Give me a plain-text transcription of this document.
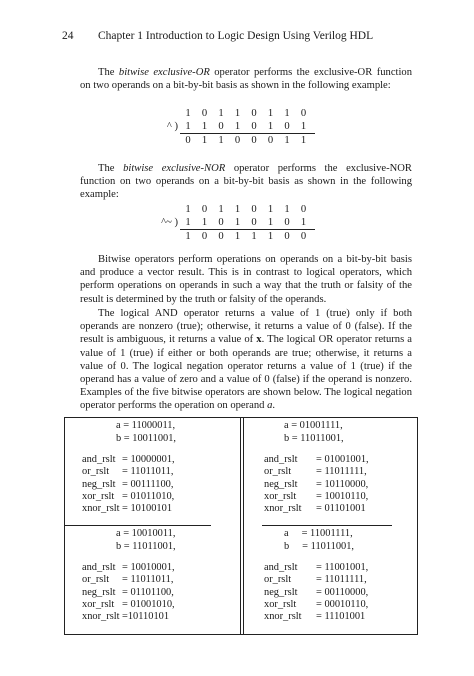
24 Chapter 1 Introduction to Logic Design Using Verilog HDL
The bitwise exclusive-OR operator performs the exclusive-OR function on two operands on a bit-by-bit basis as shown in the following example:
1	0	1	1	0	1	1	0
^ ) 1	1	0	1	0	1	0	1
0	1	1	0	0	0	1	1
The bitwise exclusive-NOR operator performs the exclusive-NOR function on two operands on a bit-by-bit basis as shown in the following example:
1	0	1	1	0	1	1	0
^~ ) 1	1	0	1	0	1	0	1
1	0	0	1	1	1	0	0
Bitwise operators perform operations on operands on a bit-by-bit basis and produce a vector result. This is in contrast to logical operators, which perform operations on operands in such a way that the truth or falsity of the result is determined by the truth or falsity of the operands.
The logical AND operator returns a value of 1 (true) only if both operands are nonzero (true); otherwise, it returns a value of 0 (false). If the result is ambiguous, it returns a value of x. The logical OR operator returns a value of 1 (true) if either or both operands are true; otherwise, it returns a value of 0. The logical negation operator returns a value of 1 (true) if the operand has a value of zero and a value of 0 (false) if the operand is nonzero. Examples of the five bitwise operators are shown below. The logical negation operator performs the operation on operand a.
a = 11000011,
b = 10011001,
and_rslt = 10000001,
or_rslt = 11011011,
neg_rslt = 00111100,
xor_rslt = 01011010,
xnor_rslt = 10100101
a = 01001111,
b = 11011001,
and_rslt = 01001001,
or_rslt = 11011111,
neg_rslt = 10110000,
xor_rslt = 10010110,
xnor_rslt = 01101001
a = 10010011,
b = 11011001,
and_rslt = 10010001,
or_rslt = 11011011,
neg_rslt = 01101100,
xor_rslt = 01001010,
xnor_rslt =10110101
a     = 11001111,
b     = 11011001,
and_rslt = 11001001,
or_rslt = 11011111,
neg_rslt = 00110000,
xor_rslt = 00010110,
xnor_rslt = 11101001
